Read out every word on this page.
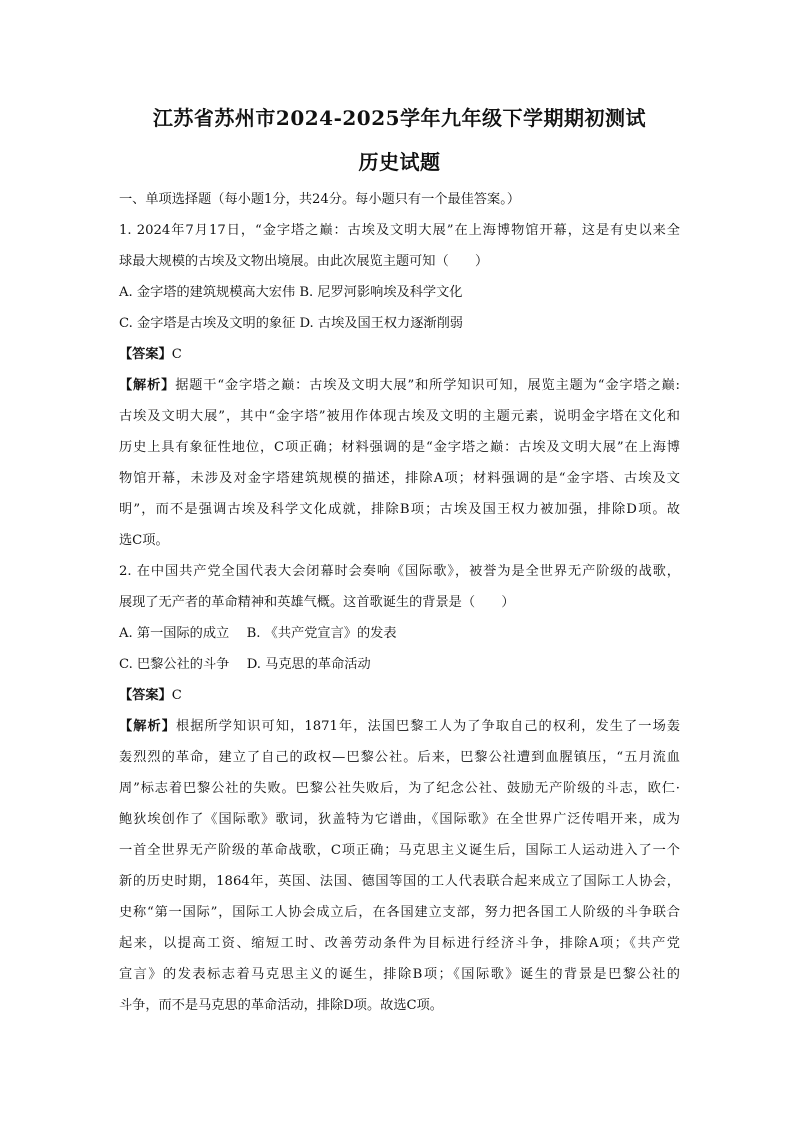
江苏省苏州市2024-2025学年九年级下学期期初测试

历史试题

一、单项选择题（每小题1分，共24分。每小题只有一个最佳答案。）

1. 2024年7月17日，“金字塔之巅：古埃及文明大展”在上海博物馆开幕，这是有史以来全

球最大规模的古埃及文物出境展。由此次展览主题可知（　　）

A. 金字塔的建筑规模高大宏伟 B. 尼罗河影响埃及科学文化

C. 金字塔是古埃及文明的象征 D. 古埃及国王权力逐渐削弱

【答案】C

【解析】据题干“金字塔之巅：古埃及文明大展”和所学知识可知，展览主题为“金字塔之巅:

古埃及文明大展”，其中“金字塔”被用作体现古埃及文明的主题元素，说明金字塔在文化和

历史上具有象征性地位，C项正确；材料强调的是“金字塔之巅：古埃及文明大展”在上海博

物馆开幕，未涉及对金字塔建筑规模的描述，排除A项；材料强调的是“金字塔、古埃及文

明”，而不是强调古埃及科学文化成就，排除B项；古埃及国王权力被加强，排除D项。故

选C项。

2. 在中国共产党全国代表大会闭幕时会奏响《国际歌》，被誉为是全世界无产阶级的战歌，

展现了无产者的革命精神和英雄气概。这首歌诞生的背景是（　　）

A. 第一国际的成立　 B. 《共产党宣言》的发表

C. 巴黎公社的斗争　 D. 马克思的革命活动

【答案】C

【解析】根据所学知识可知，1871年，法国巴黎工人为了争取自己的权利，发生了一场轰

轰烈烈的革命，建立了自己的政权—巴黎公社。后来，巴黎公社遭到血腥镇压，“五月流血

周”标志着巴黎公社的失败。巴黎公社失败后，为了纪念公社、鼓励无产阶级的斗志，欧仁·

鲍狄埃创作了《国际歌》歌词，狄盖特为它谱曲，《国际歌》在全世界广泛传唱开来，成为

一首全世界无产阶级的革命战歌，C项正确；马克思主义诞生后，国际工人运动进入了一个

新的历史时期，1864年，英国、法国、德国等国的工人代表联合起来成立了国际工人协会，

史称“第一国际”，国际工人协会成立后，在各国建立支部，努力把各国工人阶级的斗争联合

起来，以提高工资、缩短工时、改善劳动条件为目标进行经济斗争，排除A项；《共产党

宣言》的发表标志着马克思主义的诞生，排除B项；《国际歌》诞生的背景是巴黎公社的

斗争，而不是马克思的革命活动，排除D项。故选C项。
